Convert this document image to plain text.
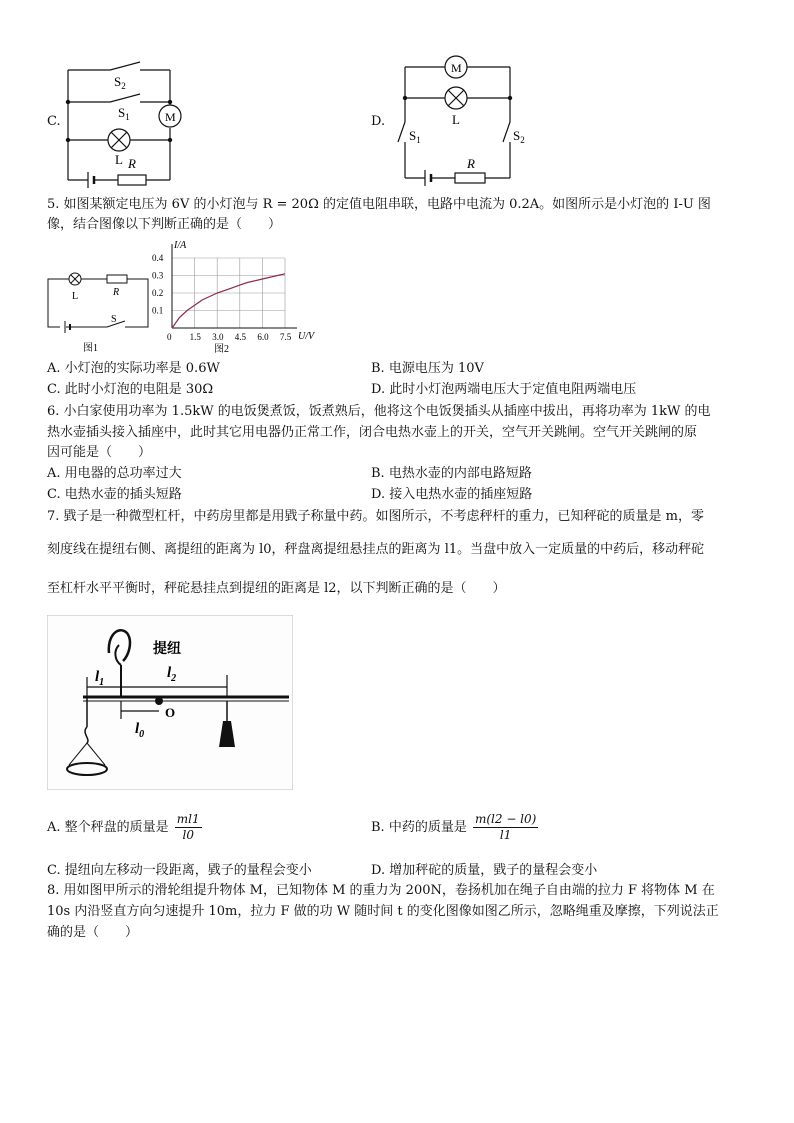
C.
$S_2$
$S_1$	M
L R
D.
M
L
$S_1$	$S_2$
R
5. 如图某额定电压为 6V 的小灯泡与 R = 20Ω 的定值电阻串联，电路中电流为 0.2A。如图所示是小灯泡的 I-U 图
像，结合图像以下判断正确的是（　　）
L	R
S
图1
0 1.5 3.0 4.5 6.0 7.5
0.1
0.2
0.3
0.4
I/A
U/V
图2
A. 小灯泡的实际功率是 0.6W	B. 电源电压为 10V
C. 此时小灯泡的电阻是 30Ω	D. 此时小灯泡两端电压大于定值电阻两端电压
6. 小白家使用功率为 1.5kW 的电饭煲煮饭，饭煮熟后，他将这个电饭煲插头从插座中拔出，再将功率为 1kW 的电
热水壶插头接入插座中，此时其它用电器仍正常工作，闭合电热水壶上的开关，空气开关跳闸。空气开关跳闸的原
因可能是（　　）
A. 用电器的总功率过大	B. 电热水壶的内部电路短路
C. 电热水壶的插头短路	D. 接入电热水壶的插座短路
7. 戥子是一种微型杠杆，中药房里都是用戥子称量中药。如图所示，不考虑秤杆的重力，已知秤砣的质量是 m，零
刻度线在提纽右侧、离提纽的距离为 l0，秤盘离提纽悬挂点的距离为 l1。当盘中放入一定质量的中药后，移动秤砣
至杠杆水平平衡时，秤砣悬挂点到提纽的距离是 l2，以下判断正确的是（　　）
提纽
$l_1$
$l_2$
$l_0$
O
A. 整个秤盘的质量是 $\frac{ml1}{l0}$	B. 中药的质量是 $\frac{m(l2 - l0)}{l1}$
C. 提纽向左移动一段距离，戥子的量程会变小	D. 增加秤砣的质量，戥子的量程会变小
8. 用如图甲所示的滑轮组提升物体 M，已知物体 M 的重力为 200N，卷扬机加在绳子自由端的拉力 F 将物体 M 在
10s 内沿竖直方向匀速提升 10m，拉力 F 做的功 W 随时间 t 的变化图像如图乙所示，忽略绳重及摩擦，下列说法正
确的是（　　）
